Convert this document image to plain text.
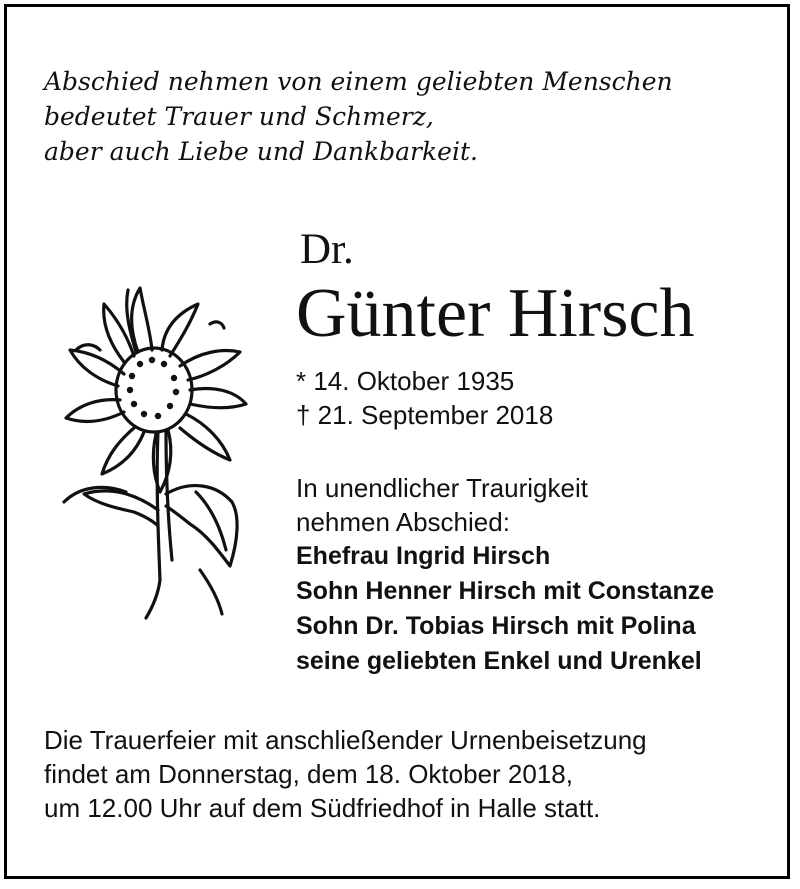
Abschied nehmen von einem geliebten Menschen
bedeutet Trauer und Schmerz,
aber auch Liebe und Dankbarkeit.

Dr.
Günter Hirsch
* 14. Oktober 1935
† 21. September 2018
In unendlicher Traurigkeit
nehmen Abschied:
Ehefrau Ingrid Hirsch
Sohn Henner Hirsch mit Constanze
Sohn Dr. Tobias Hirsch mit Polina
seine geliebten Enkel und Urenkel
Die Trauerfeier mit anschließender Urnenbeisetzung
findet am Donnerstag, dem 18. Oktober 2018,
um 12.00 Uhr auf dem Südfriedhof in Halle statt.
